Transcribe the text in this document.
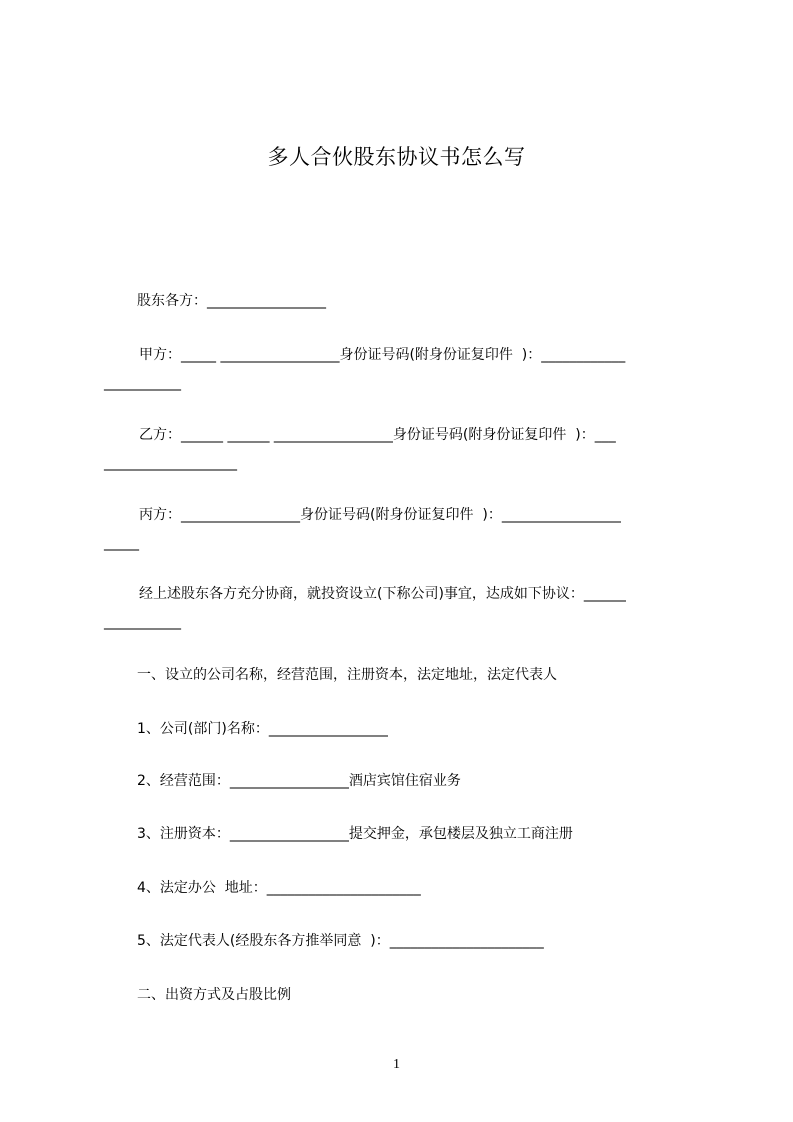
多人合伙股东协议书怎么写
股东各方：_________________
甲方：_____ _________________身份证号码(附身份证复印件  )：____________
___________
乙方：______ ______ _________________身份证号码(附身份证复印件  )：___
___________________
丙方：_________________身份证号码(附身份证复印件  )：_________________
_____
经上述股东各方充分协商，就投资设立(下称公司)事宜，达成如下协议：______
___________
一、设立的公司名称，经营范围，注册资本，法定地址，法定代表人
1、公司(部门)名称：_________________
2、经营范围：_________________酒店宾馆住宿业务
3、注册资本：_________________提交押金，承包楼层及独立工商注册
4、法定办公  地址：______________________
5、法定代表人(经股东各方推举同意  )：______________________
二、出资方式及占股比例
1
